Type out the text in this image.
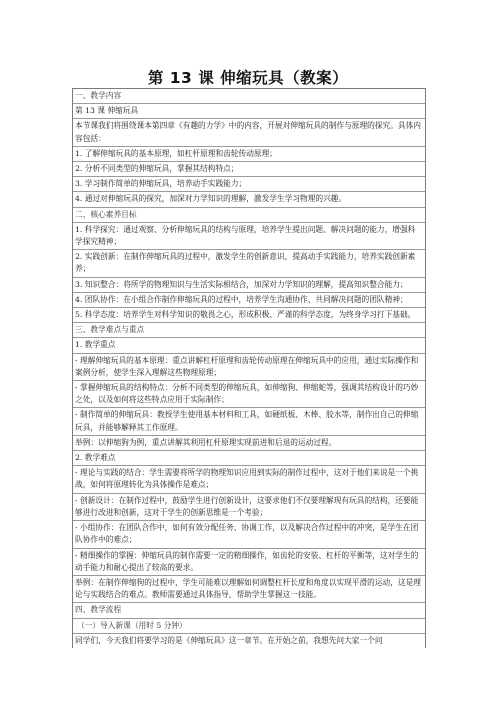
第 13 课 伸缩玩具（教案）
一、教学内容
第 13 课 伸缩玩具
本节课我们将围绕课本第四章《有趣的力学》中的内容，开展对伸缩玩具的制作与原理的探究。具体内容包括：
1. 了解伸缩玩具的基本原理，如杠杆原理和齿轮传动原理；
2. 分析不同类型的伸缩玩具，掌握其结构特点；
3. 学习制作简单的伸缩玩具，培养动手实践能力；
4. 通过对伸缩玩具的探究，加深对力学知识的理解，激发学生学习物理的兴趣。
二、核心素养目标
1. 科学探究：通过观察、分析伸缩玩具的结构与原理，培养学生提出问题、解决问题的能力，增强科学探究精神；
2. 实践创新：在制作伸缩玩具的过程中，激发学生的创新意识，提高动手实践能力，培养实践创新素养；
3. 知识整合：将所学的物理知识与生活实际相结合，加深对力学知识的理解，提高知识整合能力；
4. 团队协作：在小组合作制作伸缩玩具的过程中，培养学生沟通协作、共同解决问题的团队精神；
5. 科学态度：培养学生对科学知识的敬畏之心，形成积极、严谨的科学态度，为终身学习打下基础。
三、教学难点与重点
1. 教学重点
- 理解伸缩玩具的基本原理：重点讲解杠杆原理和齿轮传动原理在伸缩玩具中的应用，通过实际操作和案例分析，使学生深入理解这些物理原理；
- 掌握伸缩玩具的结构特点：分析不同类型的伸缩玩具，如伸缩狗、伸缩蛇等，强调其结构设计的巧妙之处，以及如何将这些特点应用于实际制作；
- 制作简单的伸缩玩具：教授学生使用基本材料和工具，如硬纸板、木棒、胶水等，制作出自己的伸缩玩具，并能够解释其工作原理。
举例：以伸缩狗为例，重点讲解其利用杠杆原理实现前进和后退的运动过程。
2. 教学难点
- 理论与实践的结合：学生需要将所学的物理知识应用到实际的制作过程中，这对于他们来说是一个挑战，如何将原理转化为具体操作是难点；
- 创新设计：在制作过程中，鼓励学生进行创新设计，这要求他们不仅要理解现有玩具的结构，还要能够进行改进和创新，这对于学生的创新思维是一个考验；
- 小组协作：在团队合作中，如何有效分配任务、协调工作，以及解决合作过程中的冲突，是学生在团队协作中的难点；
- 精细操作的掌握：伸缩玩具的制作需要一定的精细操作，如齿轮的安装、杠杆的平衡等，这对学生的动手能力和耐心提出了较高的要求。
举例：在制作伸缩狗的过程中，学生可能难以理解如何调整杠杆长度和角度以实现平滑的运动，这是理论与实践结合的难点。教师需要通过具体指导，帮助学生掌握这一技能。
四、教学流程
（一）导入新课（用时 5 分钟）
同学们，今天我们将要学习的是《伸缩玩具》这一章节。在开始之前，我想先问大家一个问
